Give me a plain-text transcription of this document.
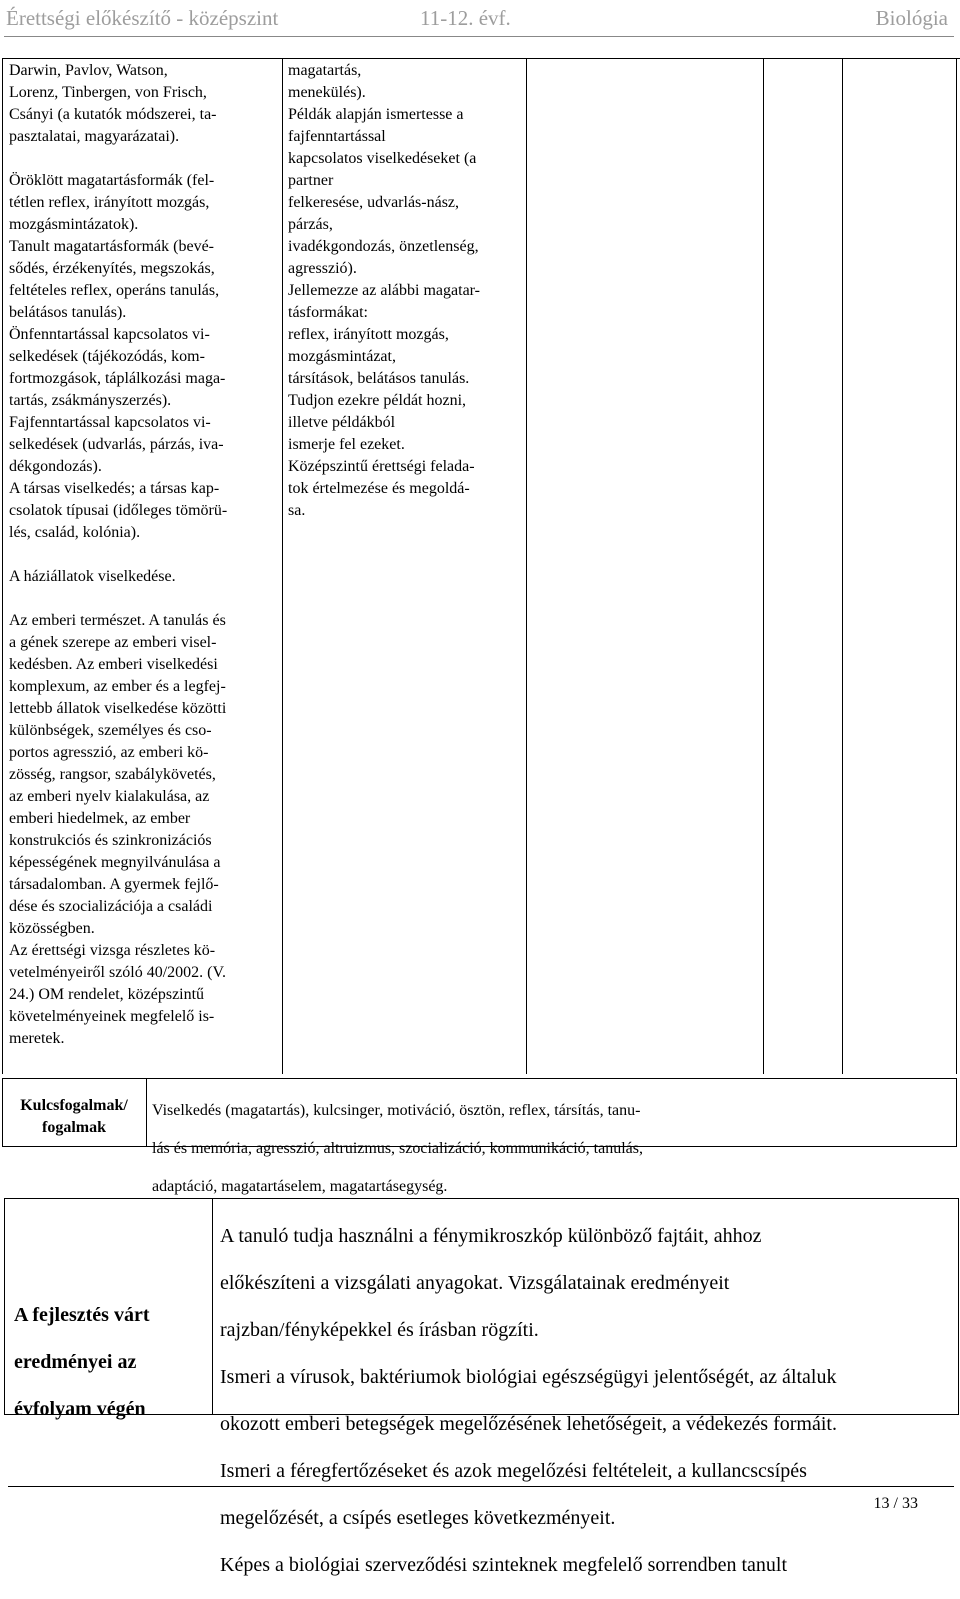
Érettségi előkészítő - középszint	11-12. évf.	Biológia

Darwin, Pavlov, Watson,

Lorenz, Tinbergen, von Frisch,

Csányi (a kutatók módszerei, ta-

pasztalatai, magyarázatai).

Öröklött magatartásformák (fel-

tétlen reflex, irányított mozgás,

mozgásmintázatok).

Tanult magatartásformák (bevé-

sődés, érzékenyítés, megszokás,

feltételes reflex, operáns tanulás,

belátásos tanulás).

Önfenntartással kapcsolatos vi-

selkedések (tájékozódás, kom-

fortmozgások, táplálkozási maga-

tartás, zsákmányszerzés).

Fajfenntartással kapcsolatos vi-

selkedések (udvarlás, párzás, iva-

dékgondozás).

A társas viselkedés; a társas kap-

csolatok típusai (időleges tömörü-

lés, család, kolónia).

A háziállatok viselkedése.

Az emberi természet. A tanulás és

a gének szerepe az emberi visel-

kedésben. Az emberi viselkedési

komplexum, az ember és a legfej-

lettebb állatok viselkedése közötti

különbségek, személyes és cso-

portos agresszió, az emberi kö-

zösség, rangsor, szabálykövetés,

az emberi nyelv kialakulása, az

emberi hiedelmek, az ember

konstrukciós és szinkronizációs

képességének megnyilvánulása a

társadalomban. A gyermek fejlő-

dése és szocializációja a családi

közösségben.

Az érettségi vizsga részletes kö-

vetelményeiről szóló 40/2002. (V.

24.) OM rendelet, középszintű

követelményeinek megfelelő is-

meretek.

magatartás,

menekülés).

Példák alapján ismertesse a

fajfenntartással

kapcsolatos viselkedéseket (a

partner

felkeresése, udvarlás-nász,

párzás,

ivadékgondozás, önzetlenség,

agresszió).

Jellemezze az alábbi magatar-

tásformákat:

reflex, irányított mozgás,

mozgásmintázat,

társítások, belátásos tanulás.

Tudjon ezekre példát hozni,

illetve példákból

ismerje fel ezeket.

Középszintű érettségi felada-

tok értelmezése és megoldá-

sa.

Kulcsfogalmak/
fogalmak

Viselkedés (magatartás), kulcsinger, motiváció, ösztön, reflex, társítás, tanu-

lás és memória, agresszió, altruizmus, szocializáció, kommunikáció, tanulás,

adaptáció, magatartáselem, magatartásegység.

A fejlesztés várt

eredményei az

évfolyam végén

A tanuló tudja használni a fénymikroszkóp különböző fajtáit, ahhoz

előkészíteni a vizsgálati anyagokat. Vizsgálatainak eredményeit

rajzban/fényképekkel és írásban rögzíti.

Ismeri a vírusok, baktériumok biológiai egészségügyi jelentőségét, az általuk

okozott emberi betegségek megelőzésének lehetőségeit, a védekezés formáit.

Ismeri a féregfertőzéseket és azok megelőzési feltételeit, a kullancscsípés

megelőzését, a csípés esetleges következményeit.

Képes a biológiai szerveződési szinteknek megfelelő sorrendben tanult

13 / 33
